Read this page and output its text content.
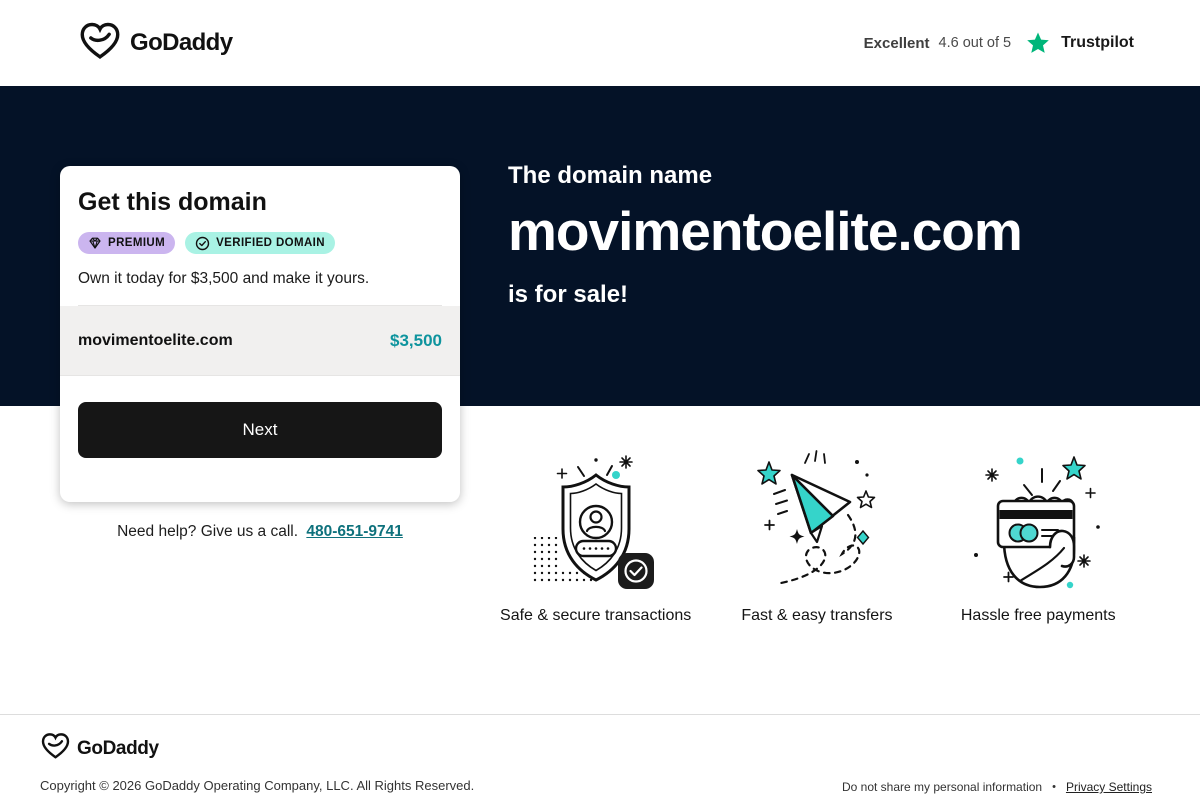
GoDaddy	Excellent 4.6 out of 5	Trustpilot
The domain name
movimentoelite.com
is for sale!
Get this domain
PREMIUM	VERIFIED DOMAIN
Own it today for $3,500 and make it yours.
movimentoelite.com	$3,500
Next
Need help? Give us a call. 480-651-9741
Safe & secure transactions	Fast & easy transfers	Hassle free payments
GoDaddy
Copyright © 2026 GoDaddy Operating Company, LLC. All Rights Reserved.	Do not share my personal information • Privacy Settings
